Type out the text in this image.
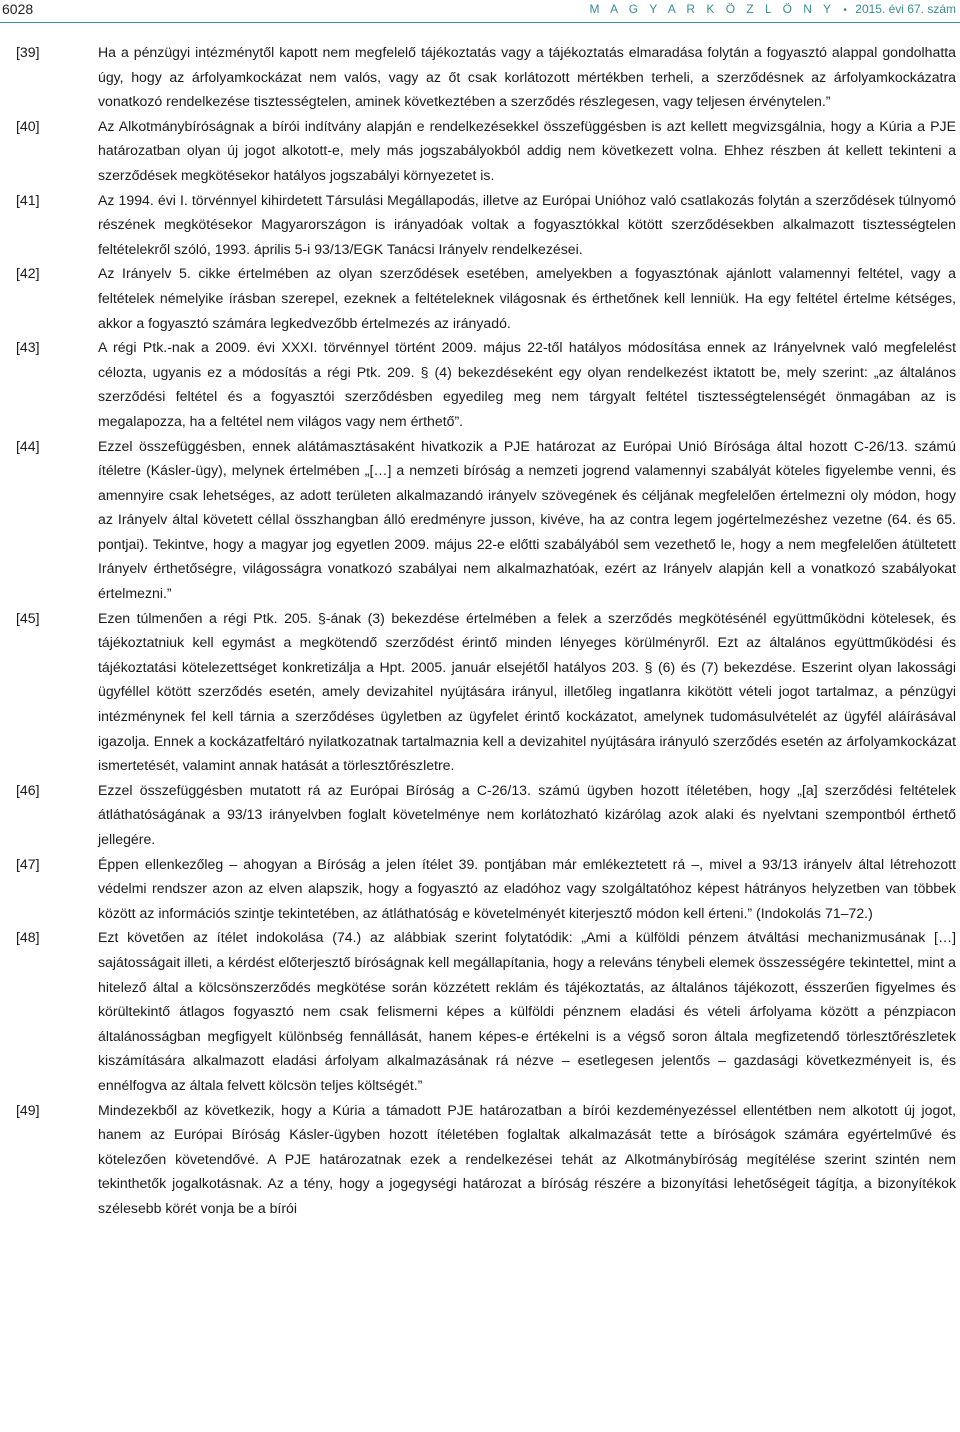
6028	M A G Y A R K Ö Z L Ö N Y • 2015. évi 67. szám
[39]	Ha a pénzügyi intézménytől kapott nem megfelelő tájékoztatás vagy a tájékoztatás elmaradása folytán a fogyasztó alappal gondolhatta úgy, hogy az árfolyamkockázat nem valós, vagy az őt csak korlátozott mértékben terheli, a szerződésnek az árfolyamkockázatra vonatkozó rendelkezése tisztességtelen, aminek következtében a szerződés részlegesen, vagy teljesen érvénytelen.”
[40]	Az Alkotmánybíróságnak a bírói indítvány alapján e rendelkezésekkel összefüggésben is azt kellett megvizsgálnia, hogy a Kúria a PJE határozatban olyan új jogot alkotott-e, mely más jogszabályokból addig nem következett volna. Ehhez részben át kellett tekinteni a szerződések megkötésekor hatályos jogszabályi környezetet is.
[41]	Az 1994. évi I. törvénnyel kihirdetett Társulási Megállapodás, illetve az Európai Unióhoz való csatlakozás folytán a szerződések túlnyomó részének megkötésekor Magyarországon is irányadóak voltak a fogyasztókkal kötött szerződésekben alkalmazott tisztességtelen feltételekről szóló, 1993. április 5-i 93/13/EGK Tanácsi Irányelv rendelkezései.
[42]	Az Irányelv 5. cikke értelmében az olyan szerződések esetében, amelyekben a fogyasztónak ajánlott valamennyi feltétel, vagy a feltételek némelyike írásban szerepel, ezeknek a feltételeknek világosnak és érthetőnek kell lenniük. Ha egy feltétel értelme kétséges, akkor a fogyasztó számára legkedvezőbb értelmezés az irányadó.
[43]	A régi Ptk.-nak a 2009. évi XXXI. törvénnyel történt 2009. május 22-től hatályos módosítása ennek az Irányelvnek való megfelelést célozta, ugyanis ez a módosítás a régi Ptk. 209. § (4) bekezdéseként egy olyan rendelkezést iktatott be, mely szerint: „az általános szerződési feltétel és a fogyasztói szerződésben egyedileg meg nem tárgyalt feltétel tisztességtelenségét önmagában az is megalapozza, ha a feltétel nem világos vagy nem érthető”.
[44]	Ezzel összefüggésben, ennek alátámasztásaként hivatkozik a PJE határozat az Európai Unió Bírósága által hozott C-26/13. számú ítéletre (Kásler-ügy), melynek értelmében „[…] a nemzeti bíróság a nemzeti jogrend valamennyi szabályát köteles figyelembe venni, és amennyire csak lehetséges, az adott területen alkalmazandó irányelv szövegének és céljának megfelelően értelmezni oly módon, hogy az Irányelv által követett céllal összhangban álló eredményre jusson, kivéve, ha az contra legem jogértelmezéshez vezetne (64. és 65. pontjai). Tekintve, hogy a magyar jog egyetlen 2009. május 22-e előtti szabályából sem vezethető le, hogy a nem megfelelően átültetett Irányelv érthetőségre, világosságra vonatkozó szabályai nem alkalmazhatóak, ezért az Irányelv alapján kell a vonatkozó szabályokat értelmezni.”
[45]	Ezen túlmenően a régi Ptk. 205. §-ának (3) bekezdése értelmében a felek a szerződés megkötésénél együttműködni kötelesek, és tájékoztatniuk kell egymást a megkötendő szerződést érintő minden lényeges körülményről. Ezt az általános együttműködési és tájékoztatási kötelezettséget konkretizálja a Hpt. 2005. január elsejétől hatályos 203. § (6) és (7) bekezdése. Eszerint olyan lakossági ügyféllel kötött szerződés esetén, amely devizahitel nyújtására irányul, illetőleg ingatlanra kikötött vételi jogot tartalmaz, a pénzügyi intézménynek fel kell tárnia a szerződéses ügyletben az ügyfelet érintő kockázatot, amelynek tudomásulvételét az ügyfél aláírásával igazolja. Ennek a kockázatfeltáró nyilatkozatnak tartalmaznia kell a devizahitel nyújtására irányuló szerződés esetén az árfolyamkockázat ismertetését, valamint annak hatását a törlesztőrészletre.
[46]	Ezzel összefüggésben mutatott rá az Európai Bíróság a C-26/13. számú ügyben hozott ítéletében, hogy „[a] szerződési feltételek átláthatóságának a 93/13 irányelvben foglalt követelménye nem korlátozható kizárólag azok alaki és nyelvtani szempontból érthető jellegére.
[47]	Éppen ellenkezőleg – ahogyan a Bíróság a jelen ítélet 39. pontjában már emlékeztetett rá –, mivel a 93/13 irányelv által létrehozott védelmi rendszer azon az elven alapszik, hogy a fogyasztó az eladóhoz vagy szolgáltatóhoz képest hátrányos helyzetben van többek között az információs szintje tekintetében, az átláthatóság e követelményét kiterjesztő módon kell érteni.” (Indokolás 71–72.)
[48]	Ezt követően az ítélet indokolása (74.) az alábbiak szerint folytatódik: „Ami a külföldi pénzem átváltási mechanizmusának […] sajátosságait illeti, a kérdést előterjesztő bíróságnak kell megállapítania, hogy a releváns ténybeli elemek összességére tekintettel, mint a hitelező által a kölcsönszerződés megkötése során közzétett reklám és tájékoztatás, az általános tájékozott, ésszerűen figyelmes és körültekintő átlagos fogyasztó nem csak felismerni képes a külföldi pénznem eladási és vételi árfolyama között a pénzpiacon általánosságban megfigyelt különbség fennállását, hanem képes-e értékelni is a végső soron általa megfizetendő törlesztőrészletek kiszámítására alkalmazott eladási árfolyam alkalmazásának rá nézve – esetlegesen jelentős – gazdasági következményeit is, és ennélfogva az általa felvett kölcsön teljes költségét.”
[49]	Mindezekből az következik, hogy a Kúria a támadott PJE határozatban a bírói kezdeményezéssel ellentétben nem alkotott új jogot, hanem az Európai Bíróság Kásler-ügyben hozott ítéletében foglaltak alkalmazását tette a bíróságok számára egyértelművé és kötelezően követendővé. A PJE határozatnak ezek a rendelkezései tehát az Alkotmánybíróság megítélése szerint szintén nem tekinthetők jogalkotásnak. Az a tény, hogy a jogegységi határozat a bíróság részére a bizonyítási lehetőségeit tágítja, a bizonyítékok szélesebb körét vonja be a bírói
